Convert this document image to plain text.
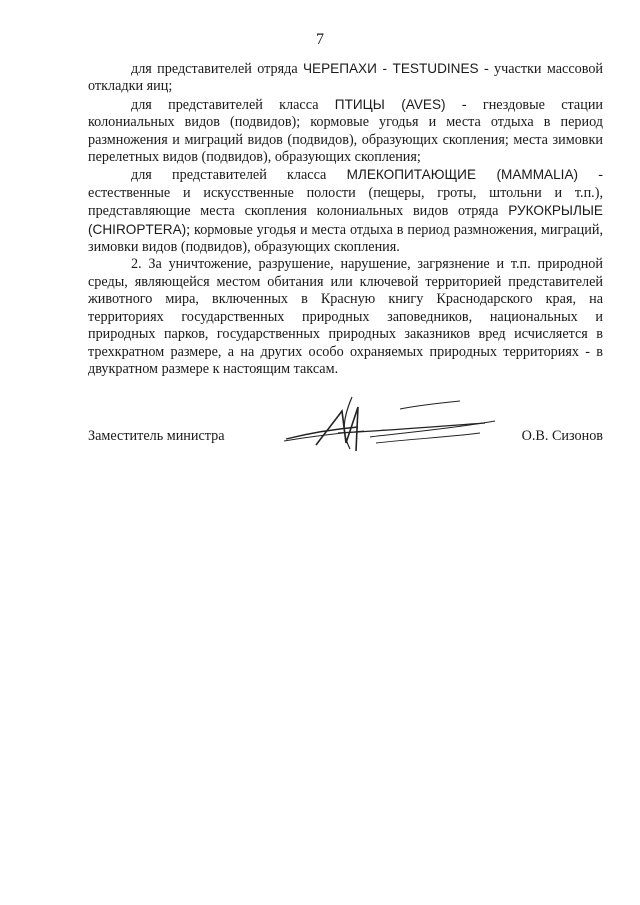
7

для представителей отряда ЧЕРЕПАХИ - TESTUDINES - участки массовой откладки яиц;

для представителей класса ПТИЦЫ (AVES) - гнездовые стации колониальных видов (подвидов); кормовые угодья и места отдыха в период размножения и миграций видов (подвидов), образующих скопления; места зимовки перелетных видов (подвидов), образующих скопления;

для представителей класса МЛЕКОПИТАЮЩИЕ (MAMMALIA) - естественные и искусственные полости (пещеры, гроты, штольни и т.п.), представляющие места скопления колониальных видов отряда РУКОКРЫЛЫЕ (CHIROPTERA); кормовые угодья и места отдыха в период размножения, миграций, зимовки видов (подвидов), образующих скопления.

2. За уничтожение, разрушение, нарушение, загрязнение и т.п. природной среды, являющейся местом обитания или ключевой территорией представителей животного мира, включенных в Красную книгу Краснодарского края, на территориях государственных природных заповедников, национальных и природных парков, государственных природных заказников вред исчисляется в трехкратном размере, а на других особо охраняемых природных территориях - в двукратном размере к настоящим таксам.

Заместитель министра	О.В. Сизонов
